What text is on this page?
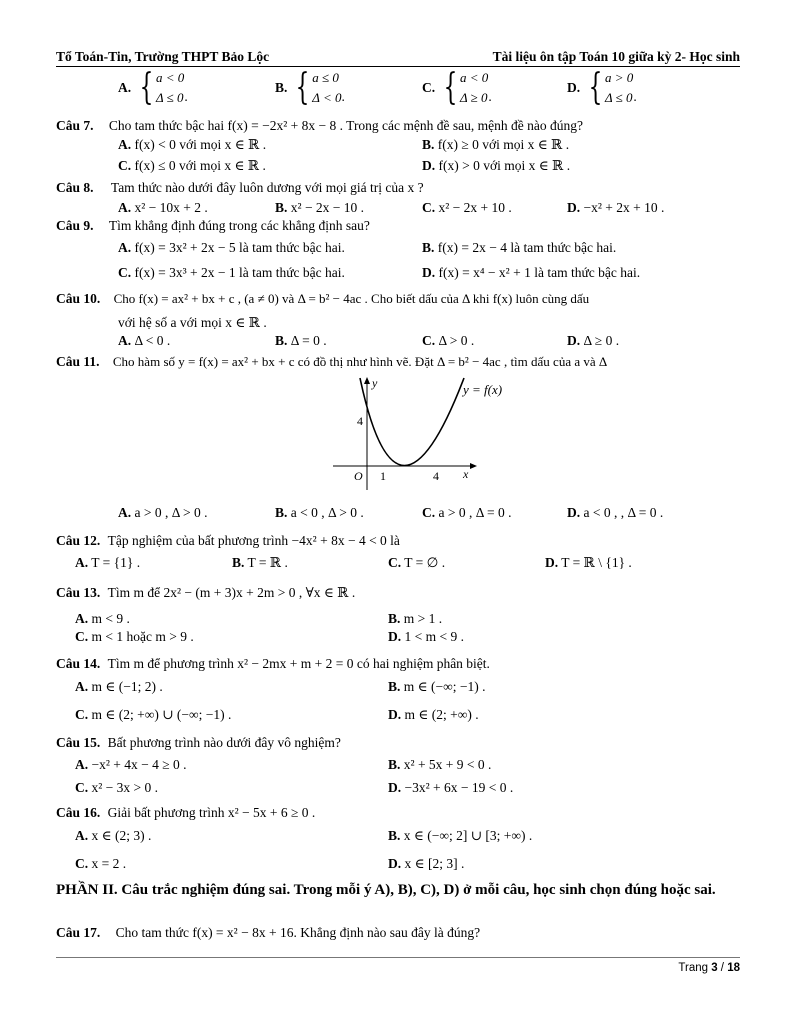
Tổ Toán-Tin, Trường THPT Bảo Lộc	Tài liệu ôn tập Toán 10 giữa kỳ 2- Học sinh
A. { a < 0
Δ ≤ 0 .
B. { a ≤ 0
Δ < 0 .
C. { a < 0
Δ ≥ 0 .
D. { a > 0
Δ ≤ 0 .
Câu 7. Cho tam thức bậc hai f(x) = −2x² + 8x − 8 . Trong các mệnh đề sau, mệnh đề nào đúng?
A. f(x) < 0 với mọi x ∈ ℝ .	B. f(x) ≥ 0 với mọi x ∈ ℝ .
C. f(x) ≤ 0 với mọi x ∈ ℝ .	D. f(x) > 0 với mọi x ∈ ℝ .
Câu 8. Tam thức nào dưới đây luôn dương với mọi giá trị của x ?
A. x² − 10x + 2 .	B. x² − 2x − 10 .	C. x² − 2x + 10 .	D. −x² + 2x + 10 .
Câu 9. Tìm khẳng định đúng trong các khẳng định sau?
A. f(x) = 3x² + 2x − 5 là tam thức bậc hai.	B. f(x) = 2x − 4 là tam thức bậc hai.
C. f(x) = 3x³ + 2x − 1 là tam thức bậc hai.	D. f(x) = x⁴ − x² + 1 là tam thức bậc hai.
Câu 10. Cho f(x) = ax² + bx + c , (a ≠ 0) và Δ = b² − 4ac . Cho biết dấu của Δ khi f(x) luôn cùng dấu
với hệ số a với mọi x ∈ ℝ .
A. Δ < 0 .	B. Δ = 0 .	C. Δ > 0 .	D. Δ ≥ 0 .
Câu 11. Cho hàm số y = f(x) = ax² + bx + c có đồ thị như hình vẽ. Đặt Δ = b² − 4ac , tìm dấu của a và Δ
y
x
O 1	4
4
y = f(x)
A. a > 0 , Δ > 0 .	B. a < 0 , Δ > 0 .	C. a > 0 , Δ = 0 .	D. a < 0 , , Δ = 0 .
Câu 12. Tập nghiệm của bất phương trình −4x² + 8x − 4 < 0 là
A. T = {1} .	B. T = ℝ .	C. T = ∅ .	D. T = ℝ \ {1} .
Câu 13. Tìm m để 2x² − (m + 3)x + 2m > 0 , ∀x ∈ ℝ .
A. m < 9 .	B. m > 1 .
C. m < 1 hoặc m > 9 .	D. 1 < m < 9 .
Câu 14. Tìm m để phương trình x² − 2mx + m + 2 = 0 có hai nghiệm phân biệt.
A. m ∈ (−1; 2) .	B. m ∈ (−∞; −1) .
C. m ∈ (2; +∞) ∪ (−∞; −1) .	D. m ∈ (2; +∞) .
Câu 15. Bất phương trình nào dưới đây vô nghiệm?
A. −x² + 4x − 4 ≥ 0 .	B. x² + 5x + 9 < 0 .
C. x² − 3x > 0 .	D. −3x² + 6x − 19 < 0 .
Câu 16. Giải bất phương trình x² − 5x + 6 ≥ 0 .
A. x ∈ (2; 3) .	B. x ∈ (−∞; 2] ∪ [3; +∞) .
C. x = 2 .	D. x ∈ [2; 3] .
PHẦN II. Câu trắc nghiệm đúng sai. Trong mỗi ý A), B), C), D) ở mỗi câu, học sinh chọn đúng hoặc sai.
Câu 17. Cho tam thức f(x) = x² − 8x + 16. Khẳng định nào sau đây là đúng?
Trang 3 / 18
